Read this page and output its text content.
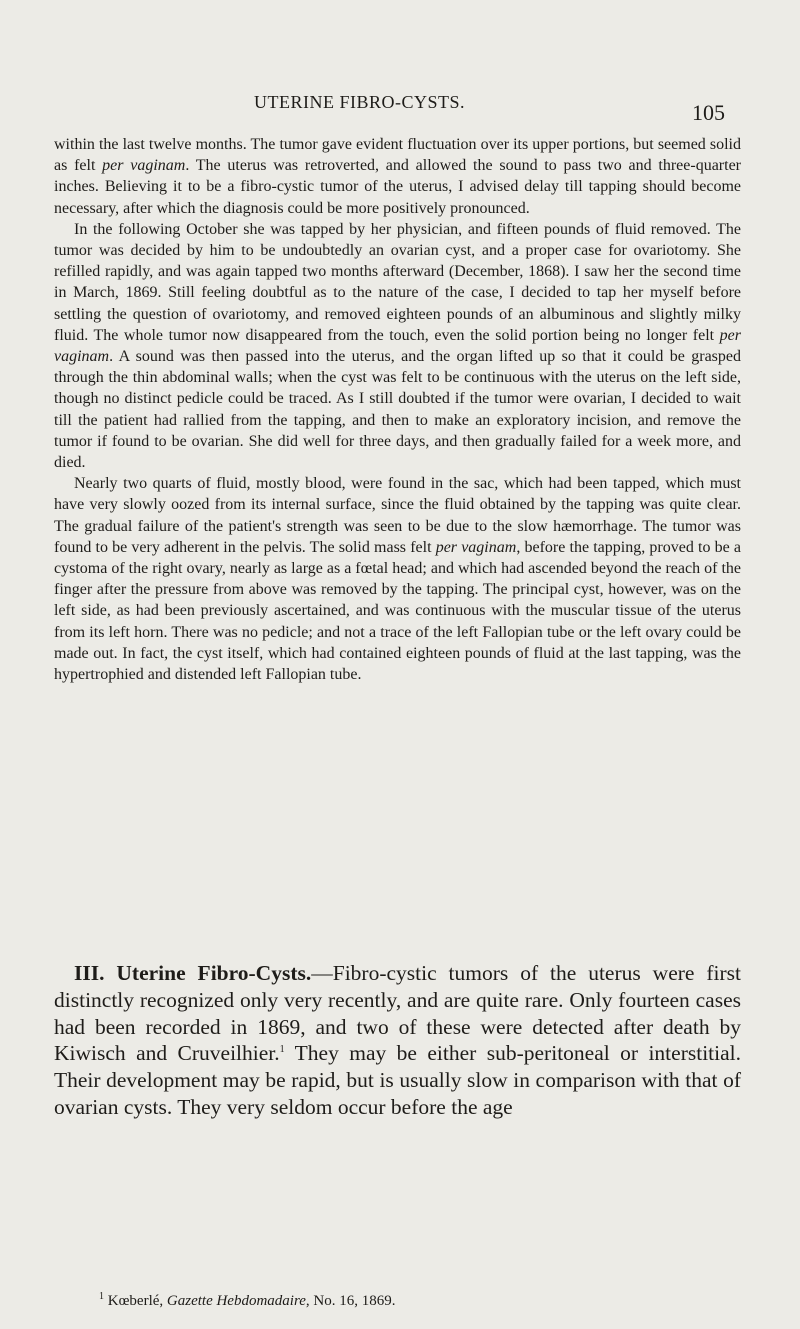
UTERINE FIBRO-CYSTS.	105

within the last twelve months. The tumor gave evident fluctuation over its upper portions, but seemed solid as felt per vaginam. The uterus was retroverted, and allowed the sound to pass two and three-quarter inches. Believing it to be a fibro-cystic tumor of the uterus, I advised delay till tapping should become necessary, after which the diagnosis could be more positively pronounced.

In the following October she was tapped by her physician, and fifteen pounds of fluid removed. The tumor was decided by him to be undoubtedly an ovarian cyst, and a proper case for ovariotomy. She refilled rapidly, and was again tapped two months afterward (December, 1868). I saw her the second time in March, 1869. Still feeling doubtful as to the nature of the case, I decided to tap her myself before settling the question of ovariotomy, and removed eighteen pounds of an albuminous and slightly milky fluid. The whole tumor now disappeared from the touch, even the solid portion being no longer felt per vaginam. A sound was then passed into the uterus, and the organ lifted up so that it could be grasped through the thin abdominal walls; when the cyst was felt to be continuous with the uterus on the left side, though no distinct pedicle could be traced. As I still doubted if the tumor were ovarian, I decided to wait till the patient had rallied from the tapping, and then to make an exploratory incision, and remove the tumor if found to be ovarian. She did well for three days, and then gradually failed for a week more, and died.

Nearly two quarts of fluid, mostly blood, were found in the sac, which had been tapped, which must have very slowly oozed from its internal surface, since the fluid obtained by the tapping was quite clear. The gradual failure of the patient's strength was seen to be due to the slow hæmorrhage. The tumor was found to be very adherent in the pelvis. The solid mass felt per vaginam, before the tapping, proved to be a cystoma of the right ovary, nearly as large as a fœtal head; and which had ascended beyond the reach of the finger after the pressure from above was removed by the tapping. The principal cyst, however, was on the left side, as had been previously ascertained, and was continuous with the muscular tissue of the uterus from its left horn. There was no pedicle; and not a trace of the left Fallopian tube or the left ovary could be made out. In fact, the cyst itself, which had contained eighteen pounds of fluid at the last tapping, was the hypertrophied and distended left Fallopian tube.

III. Uterine Fibro-Cysts.—Fibro-cystic tumors of the uterus were first distinctly recognized only very recently, and are quite rare. Only fourteen cases had been recorded in 1869, and two of these were detected after death by Kiwisch and Cruveilhier.$^1$ They may be either sub-peritoneal or interstitial. Their development may be rapid, but is usually slow in comparison with that of ovarian cysts. They very seldom occur before the age

$^1$ Kœberlé, Gazette Hebdomadaire, No. 16, 1869.
